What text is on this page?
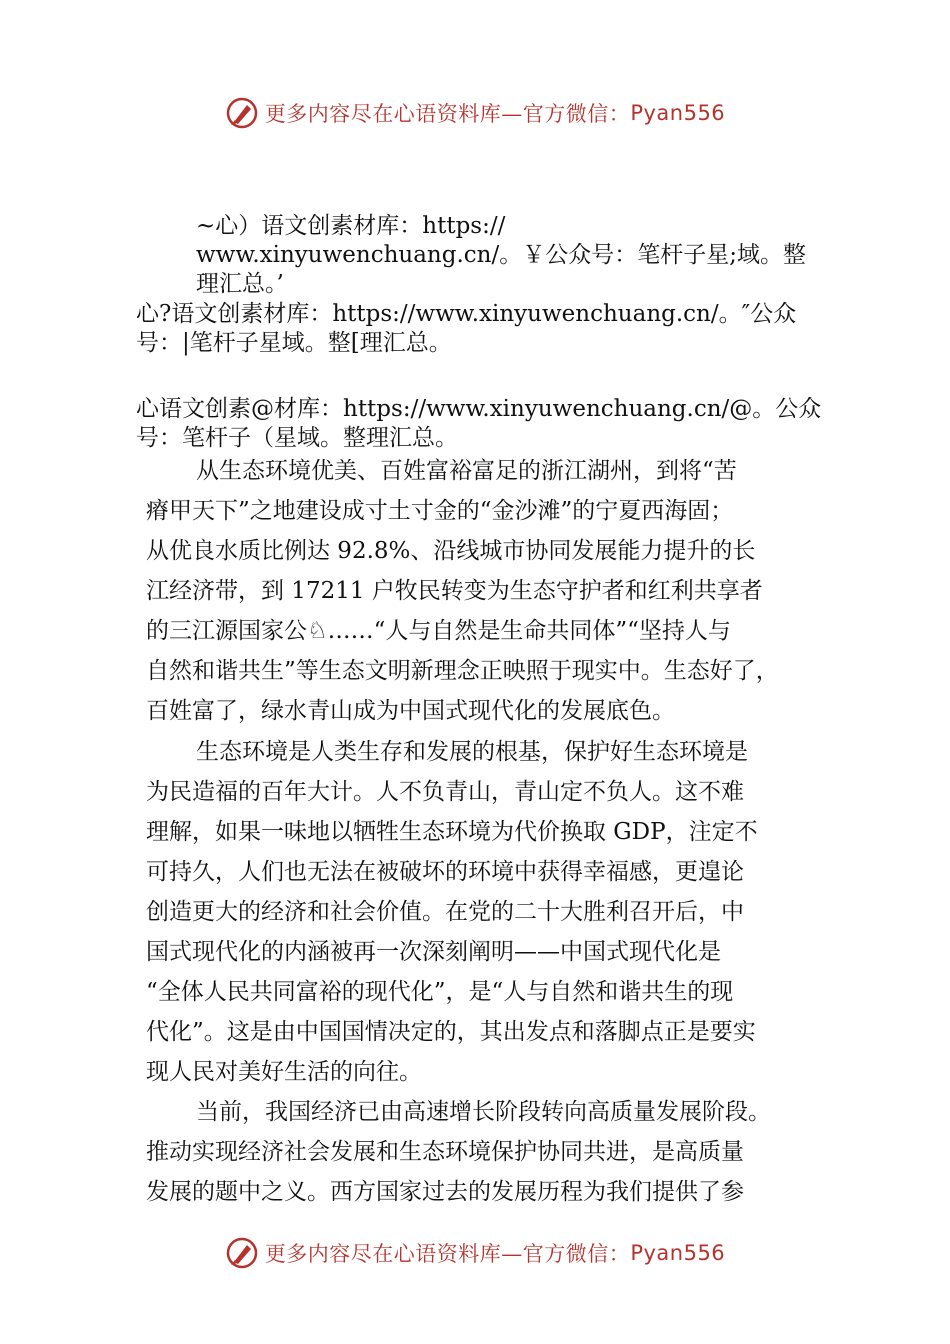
更多内容尽在心语资料库—官方微信： Pyan556
~心）语文创素材库：https://
www.xinyuwenchuang.cn/。￥公众号：笔杆子星;域。整
理汇总。’
心?语文创素材库：https://www.xinyuwenchuang.cn/。″公众
号：|笔杆子星域。整[理汇总。
心语文创素@材库：https://www.xinyuwenchuang.cn/@。公众
号：笔杆子（星域。整理汇总。
从生态环境优美、百姓富裕富足的浙江湖州，到将“苦
瘠甲天下”之地建设成寸土寸金的“金沙滩”的宁夏西海固；
从优良水质比例达 92.8%、沿线城市协同发展能力提升的长
江经济带，到 17211 户牧民转变为生态守护者和红利共享者
的三江源国家公♘……“人与自然是生命共同体”“坚持人与
自然和谐共生”等生态文明新理念正映照于现实中。生态好了，
百姓富了，绿水青山成为中国式现代化的发展底色。
生态环境是人类生存和发展的根基，保护好生态环境是
为民造福的百年大计。人不负青山，青山定不负人。这不难
理解，如果一味地以牺牲生态环境为代价换取 GDP，注定不
可持久，人们也无法在被破坏的环境中获得幸福感，更遑论
创造更大的经济和社会价值。在党的二十大胜利召开后，中
国式现代化的内涵被再一次深刻阐明——中国式现代化是
“全体人民共同富裕的现代化”，是“人与自然和谐共生的现
代化”。这是由中国国情决定的，其出发点和落脚点正是要实
现人民对美好生活的向往。
当前，我国经济已由高速增长阶段转向高质量发展阶段。
推动实现经济社会发展和生态环境保护协同共进，是高质量
发展的题中之义。西方国家过去的发展历程为我们提供了参
更多内容尽在心语资料库—官方微信： Pyan556
